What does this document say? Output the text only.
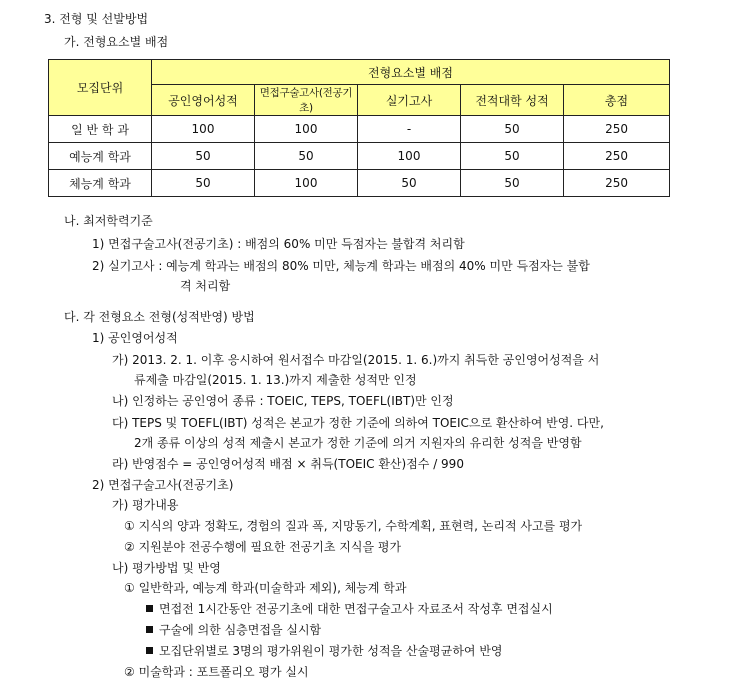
3. 전형 및 선발방법
가. 전형요소별 배점
모집단위	전형요소별 배점				
	공인영어성적	면접구술고사(전공기초)	실기고사	전적대학 성적	총점
일 반 학 과	100	100	-	50	250
예능계 학과	50	50	100	50	250
체능계 학과	50	100	50	50	250
나. 최저학력기준
1) 면접구술고사(전공기초) : 배점의 60% 미만 득점자는 불합격 처리함
2) 실기고사 : 예능계 학과는 배점의 80% 미만, 체능계 학과는 배점의 40% 미만 득점자는 불합
격 처리함
다. 각 전형요소 전형(성적반영) 방법
1) 공인영어성적
가) 2013. 2. 1. 이후 응시하여 원서접수 마감일(2015. 1. 6.)까지 취득한 공인영어성적을 서
류제출 마감일(2015. 1. 13.)까지 제출한 성적만 인정
나) 인정하는 공인영어 종류 : TOEIC, TEPS, TOEFL(IBT)만 인정
다) TEPS 및 TOEFL(IBT) 성적은 본교가 정한 기준에 의하여 TOEIC으로 환산하여 반영. 다만,
2개 종류 이상의 성적 제출시 본교가 정한 기준에 의거 지원자의 유리한 성적을 반영함
라) 반영점수 = 공인영어성적 배점 × 취득(TOEIC 환산)점수 / 990
2) 면접구술고사(전공기초)
가) 평가내용
① 지식의 양과 정확도, 경험의 질과 폭, 지망동기, 수학계획, 표현력, 논리적 사고를 평가
② 지원분야 전공수행에 필요한 전공기초 지식을 평가
나) 평가방법 및 반영
① 일반학과, 예능계 학과(미술학과 제외), 체능계 학과
면접전 1시간동안 전공기초에 대한 면접구술고사 자료조서 작성후 면접실시
구술에 의한 심층면접을 실시함
모집단위별로 3명의 평가위원이 평가한 성적을 산술평균하여 반영
② 미술학과 : 포트폴리오 평가 실시
